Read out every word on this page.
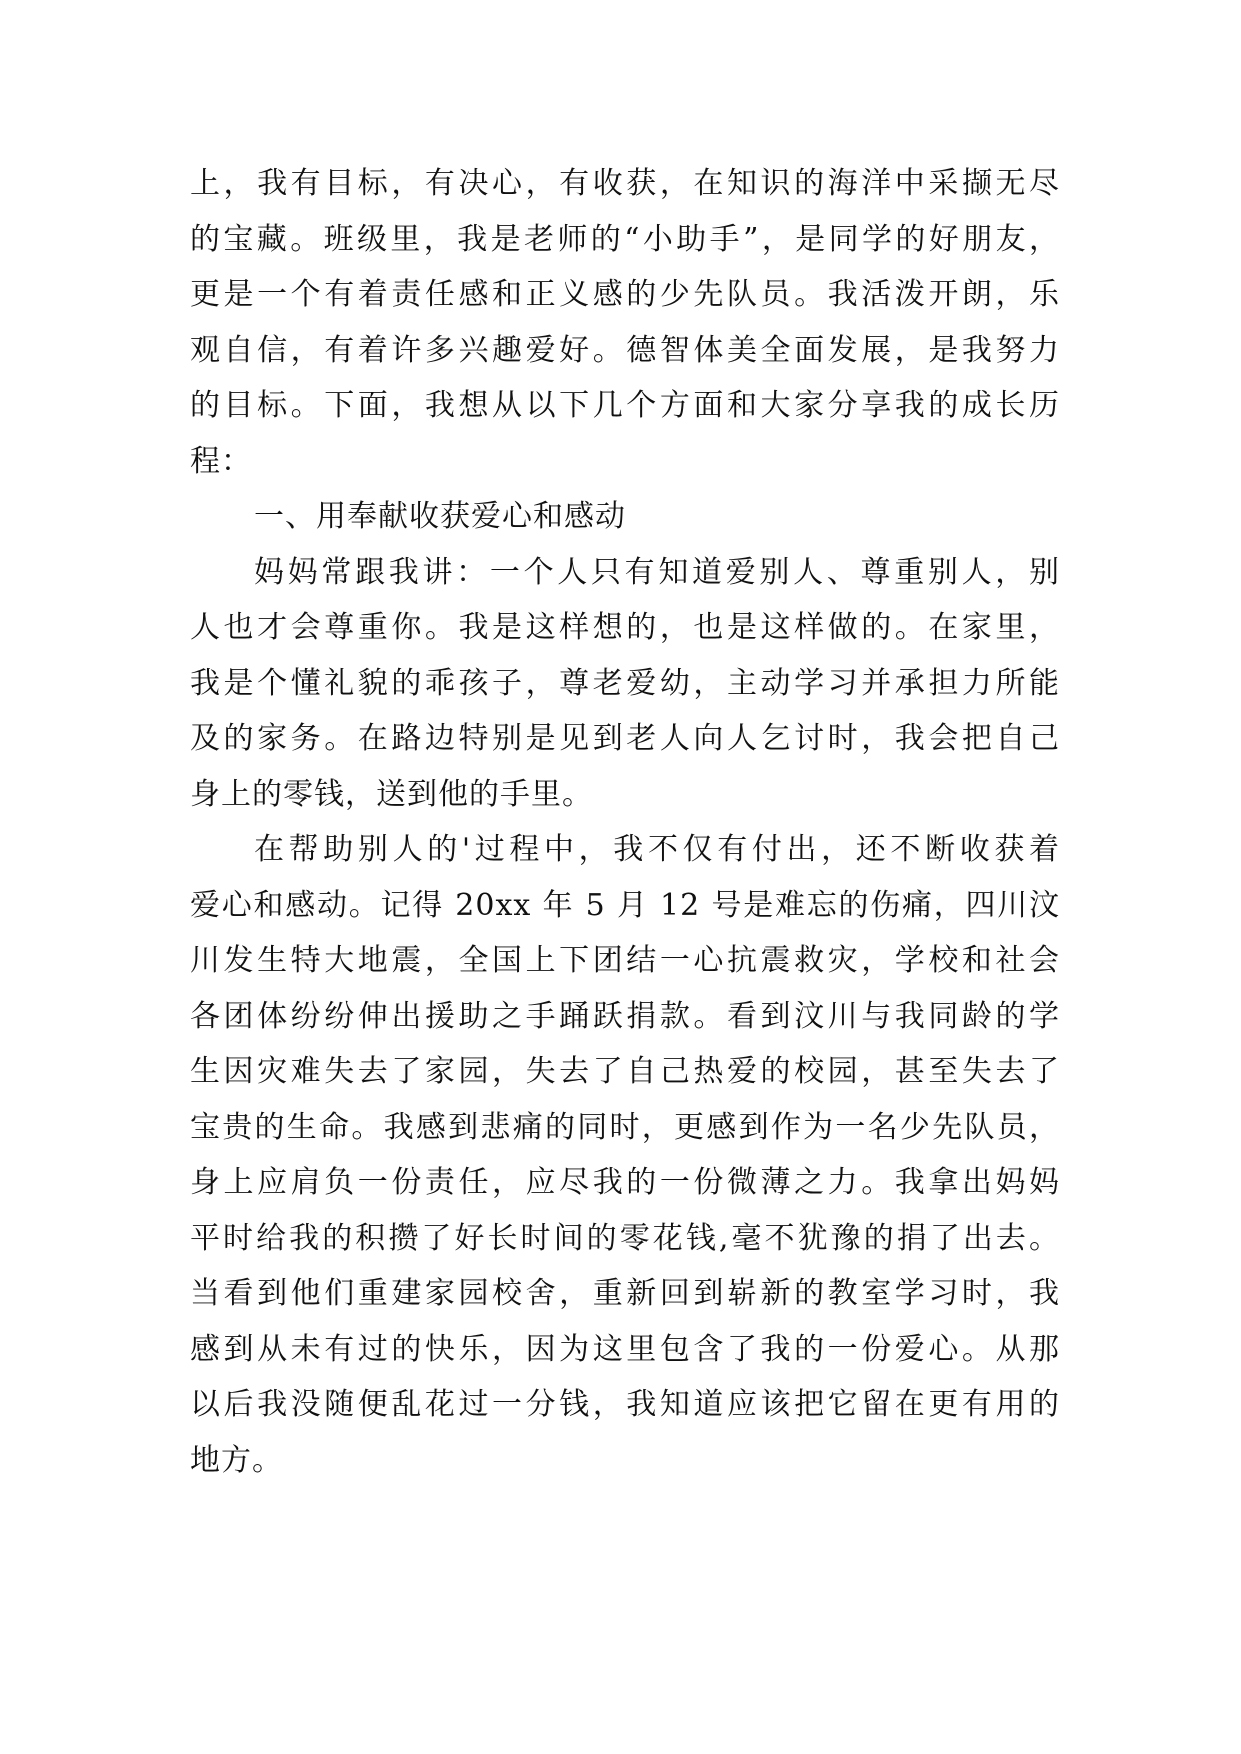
上，我有目标，有决心，有收获，在知识的海洋中采撷无尽
的宝藏。班级里，我是老师的“小助手”，是同学的好朋友，
更是一个有着责任感和正义感的少先队员。我活泼开朗，乐
观自信，有着许多兴趣爱好。德智体美全面发展，是我努力
的目标。下面，我想从以下几个方面和大家分享我的成长历
程：
一、用奉献收获爱心和感动
妈妈常跟我讲：一个人只有知道爱别人、尊重别人，别
人也才会尊重你。我是这样想的，也是这样做的。在家里，
我是个懂礼貌的乖孩子，尊老爱幼，主动学习并承担力所能
及的家务。在路边特别是见到老人向人乞讨时，我会把自己
身上的零钱，送到他的手里。
在帮助别人的'过程中，我不仅有付出，还不断收获着
爱心和感动。记得 20xx 年 5 月 12 号是难忘的伤痛，四川汶
川发生特大地震，全国上下团结一心抗震救灾，学校和社会
各团体纷纷伸出援助之手踊跃捐款。看到汶川与我同龄的学
生因灾难失去了家园，失去了自己热爱的校园，甚至失去了
宝贵的生命。我感到悲痛的同时，更感到作为一名少先队员，
身上应肩负一份责任，应尽我的一份微薄之力。我拿出妈妈
平时给我的积攒了好长时间的零花钱,毫不犹豫的捐了出去。
当看到他们重建家园校舍，重新回到崭新的教室学习时，我
感到从未有过的快乐，因为这里包含了我的一份爱心。从那
以后我没随便乱花过一分钱，我知道应该把它留在更有用的
地方。
